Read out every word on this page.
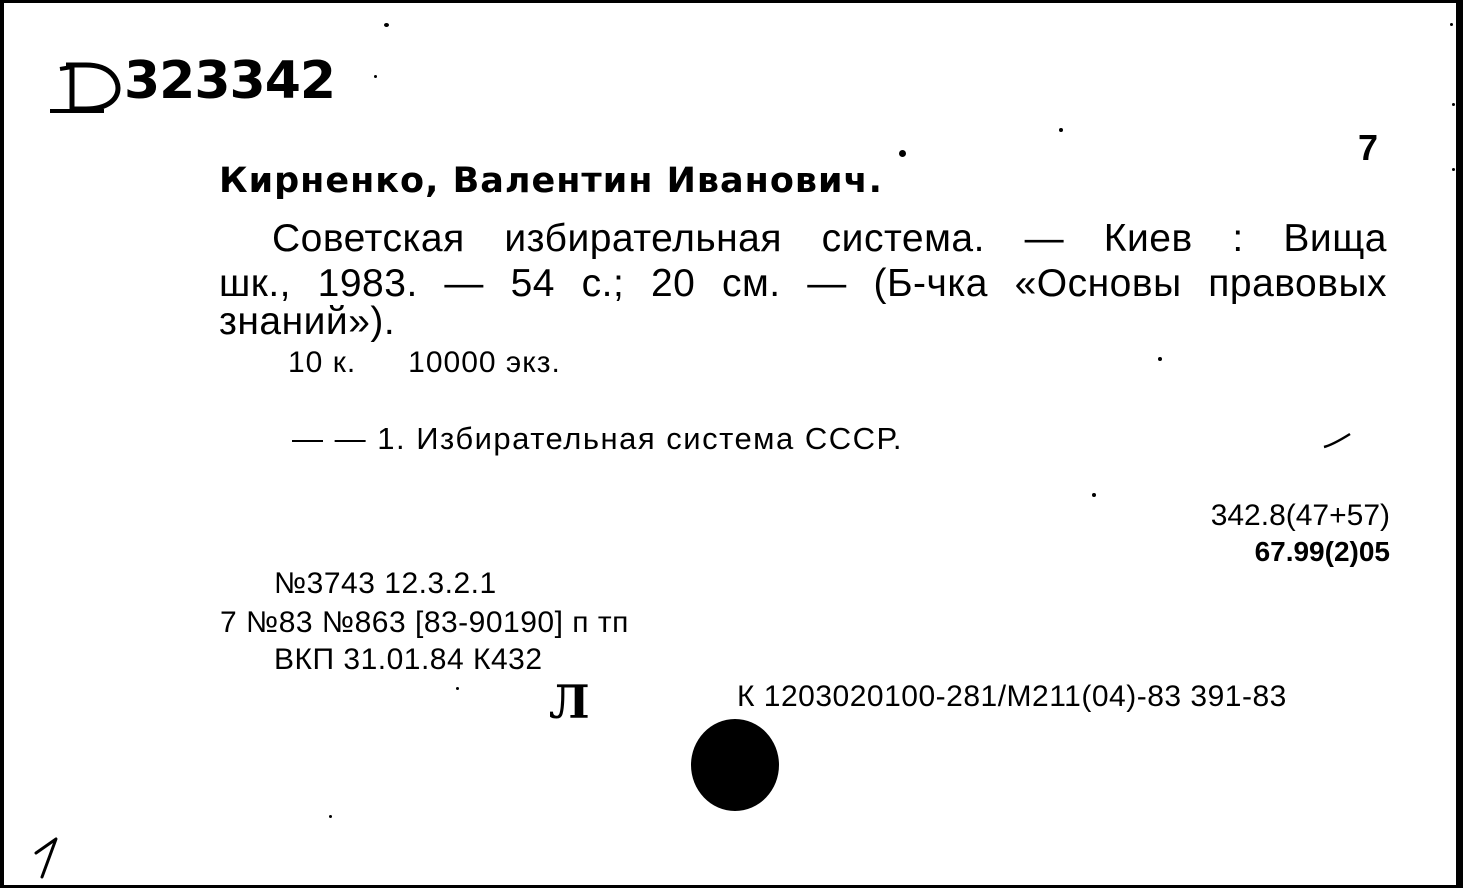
323342
7
Кирненко, Валентин Иванович.
Советская избирательная система. — Киев : Вища
шк., 1983. — 54 с.; 20 см. — (Б-чка «Основы правовых
знаний»).
10 к. 10000 экз.
— — 1. Избирательная система СССР.
342.8(47+57)
67.99(2)05
№3743 12.3.2.1
7 №83 №863 [83-90190] п тп
ВКП 31.01.84 К432
Л	К 1203020100-281/М211(04)-83 391-83
